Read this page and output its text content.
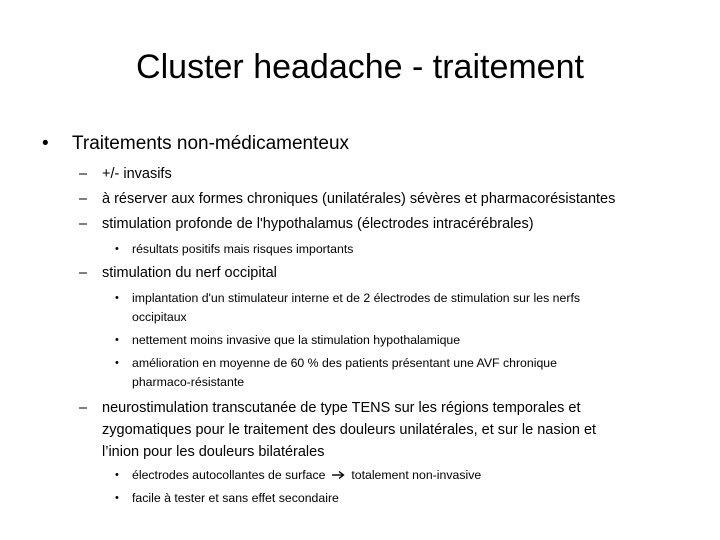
Cluster headache - traitement
• Traitements non-médicamenteux
– +/- invasifs
– à réserver aux formes chroniques (unilatérales) sévères et pharmacorésistantes
– stimulation profonde de l'hypothalamus (électrodes intracérébrales)
• résultats positifs mais risques importants
– stimulation du nerf occipital
• implantation d'un stimulateur interne et de 2 électrodes de stimulation sur les nerfs
occipitaux
• nettement moins invasive que la stimulation hypothalamique
• amélioration en moyenne de 60 % des patients présentant une AVF chronique
pharmaco-résistante
– neurostimulation transcutanée de type TENS sur les régions temporales et
zygomatiques pour le traitement des douleurs unilatérales, et sur le nasion et
l’inion pour les douleurs bilatérales
• électrodes autocollantes de surface totalement non-invasive
• facile à tester et sans effet secondaire
